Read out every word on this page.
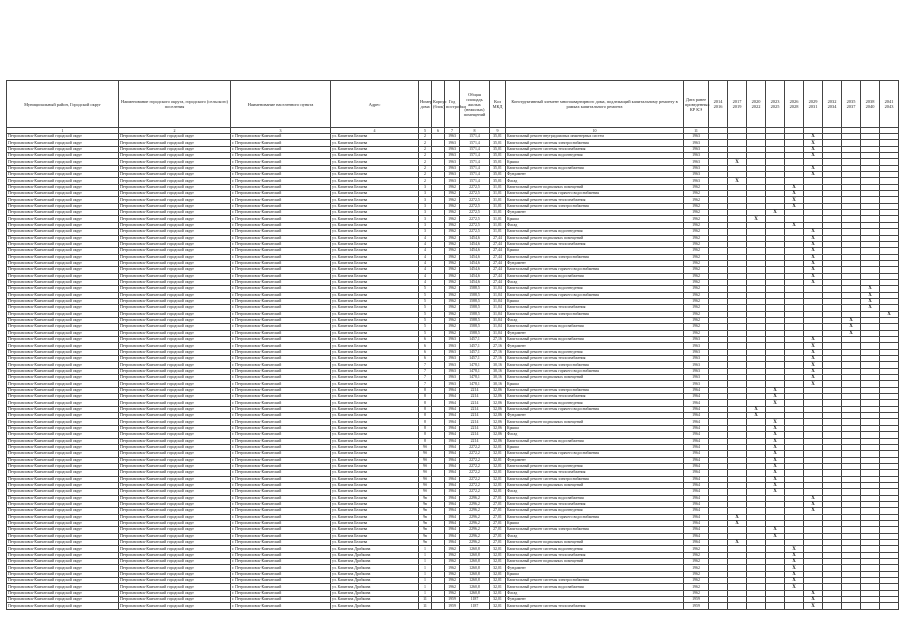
Муниципальный район, Городской округ	Наименование городского округа, городского (сельского) поселения	Наименование населенного пункта	Адрес	Номер дома	Корпус (блок)	Год постройки	Общая площадь жилых (нежилых) помещений	Кол МКД	Конструктивный элемент многоквартирного дома, подлежащий капитальному ремонту в рамках капитального ремонта	Дата ранее проведенных КР КЭ	2014 2016	2017 2019	2020 2022	2023 2025	2026 2028	2029 2031	2032 2034	2035 2037	2038 2040	2041 2043
1	2	3	4	5	6	7	8	9	10	11										
Петропавловск-Камчатский городской округ	Петропавловск-Камчатский городской округ	г. Петропавловск-Камчатский	ул. Капитана Беляева	2		1963	1571,4	35,01	Капитальный ремонт внутридомовых инженерных систем	1963						X				
Петропавловск-Камчатский городской округ	Петропавловск-Камчатский городской округ	г. Петропавловск-Камчатский	ул. Капитана Беляева	2		1963	1571,4	35,01	Капитальный ремонт системы электроснабжения	1963						X				
Петропавловск-Камчатский городской округ	Петропавловск-Камчатский городской округ	г. Петропавловск-Камчатский	ул. Капитана Беляева	2		1963	1571,4	35,01	Капитальный ремонт системы теплоснабжения	1963						X				
Петропавловск-Камчатский городской округ	Петропавловск-Камчатский городской округ	г. Петропавловск-Камчатский	ул. Капитана Беляева	2		1963	1571,4	35,01	Капитальный ремонт системы водоотведения	1963						X				
Петропавловск-Камчатский городской округ	Петропавловск-Камчатский городской округ	г. Петропавловск-Камчатский	ул. Капитана Беляева	2		1963	1571,4	35,01	Крыша	1963		X								
Петропавловск-Камчатский городской округ	Петропавловск-Камчатский городской округ	г. Петропавловск-Камчатский	ул. Капитана Беляева	2		1963	1571,4	35,01	Капитальный ремонт системы водоснабжения	1963						X				
Петропавловск-Камчатский городской округ	Петропавловск-Камчатский городской округ	г. Петропавловск-Камчатский	ул. Капитана Беляева	2		1963	1571,4	35,01	Фундамент	1963						X				
Петропавловск-Камчатский городской округ	Петропавловск-Камчатский городской округ	г. Петропавловск-Камчатский	ул. Капитана Беляева	2		1963	1571,4	35,01	Фасад	1963		X								
Петропавловск-Камчатский городской округ	Петропавловск-Камчатский городской округ	г. Петропавловск-Камчатский	ул. Капитана Беляева	3		1962	2272,5	31,01	Капитальный ремонт подвальных помещений	1962					X					
Петропавловск-Камчатский городской округ	Петропавловск-Камчатский городской округ	г. Петропавловск-Камчатский	ул. Капитана Беляева	3		1962	2272,5	31,01	Капитальный ремонт системы горячего водоснабжения	1962					X					
Петропавловск-Камчатский городской округ	Петропавловск-Камчатский городской округ	г. Петропавловск-Камчатский	ул. Капитана Беляева	3		1962	2272,5	31,01	Капитальный ремонт системы теплоснабжения	1962					X					
Петропавловск-Камчатский городской округ	Петропавловск-Камчатский городской округ	г. Петропавловск-Камчатский	ул. Капитана Беляева	3		1962	2272,5	31,01	Капитальный ремонт системы электроснабжения	1962					X					
Петропавловск-Камчатский городской округ	Петропавловск-Камчатский городской округ	г. Петропавловск-Камчатский	ул. Капитана Беляева	3		1962	2272,5	31,01	Фундамент	1962				X						
Петропавловск-Камчатский городской округ	Петропавловск-Камчатский городской округ	г. Петропавловск-Камчатский	ул. Капитана Беляева	3		1962	2272,5	31,01	Крыша	1962			X							
Петропавловск-Камчатский городской округ	Петропавловск-Камчатский городской округ	г. Петропавловск-Камчатский	ул. Капитана Беляева	3		1962	2272,5	31,01	Фасад	1962					X					
Петропавловск-Камчатский городской округ	Петропавловск-Камчатский городской округ	г. Петропавловск-Камчатский	ул. Капитана Беляева	3		1962	2272,5	31,01	Капитальный ремонт системы водоотведения	1962						X				
Петропавловск-Камчатский городской округ	Петропавловск-Камчатский городской округ	г. Петропавловск-Камчатский	ул. Капитана Беляева	4		1962	1454,6	27,44	Капитальный ремонт подвальных помещений	1962						X				
Петропавловск-Камчатский городской округ	Петропавловск-Камчатский городской округ	г. Петропавловск-Камчатский	ул. Капитана Беляева	4		1962	1454,6	27,44	Капитальный ремонт системы теплоснабжения	1962						X				
Петропавловск-Камчатский городской округ	Петропавловск-Камчатский городской округ	г. Петропавловск-Камчатский	ул. Капитана Беляева	4		1962	1454,6	27,44	Крыша	1962						X				
Петропавловск-Камчатский городской округ	Петропавловск-Камчатский городской округ	г. Петропавловск-Камчатский	ул. Капитана Беляева	4		1962	1454,6	27,44	Капитальный ремонт системы электроснабжения	1962						X				
Петропавловск-Камчатский городской округ	Петропавловск-Камчатский городской округ	г. Петропавловск-Камчатский	ул. Капитана Беляева	4		1962	1454,6	27,44	Фундамент	1962						X				
Петропавловск-Камчатский городской округ	Петропавловск-Камчатский городской округ	г. Петропавловск-Камчатский	ул. Капитана Беляева	4		1962	1454,6	27,44	Капитальный ремонт системы горячего водоснабжения	1962						X				
Петропавловск-Камчатский городской округ	Петропавловск-Камчатский городской округ	г. Петропавловск-Камчатский	ул. Капитана Беляева	4		1962	1454,6	27,44	Капитальный ремонт системы водоснабжения	1962						X				
Петропавловск-Камчатский городской округ	Петропавловск-Камчатский городской округ	г. Петропавловск-Камчатский	ул. Капитана Беляева	4		1962	1454,6	27,44	Фасад	1962						X				
Петропавловск-Камчатский городской округ	Петропавловск-Камчатский городской округ	г. Петропавловск-Камчатский	ул. Капитана Беляева	5		1962	1588,5	31,04	Капитальный ремонт системы водоотведения	1962									X	
Петропавловск-Камчатский городской округ	Петропавловск-Камчатский городской округ	г. Петропавловск-Камчатский	ул. Капитана Беляева	5		1962	1588,5	31,04	Капитальный ремонт системы горячего водоснабжения	1962									X	
Петропавловск-Камчатский городской округ	Петропавловск-Камчатский городской округ	г. Петропавловск-Камчатский	ул. Капитана Беляева	5		1962	1588,5	31,04	Крыша	1962									X	
Петропавловск-Камчатский городской округ	Петропавловск-Камчатский городской округ	г. Петропавловск-Камчатский	ул. Капитана Беляева	5		1962	1588,5	31,04	Капитальный ремонт системы теплоснабжения	1962									X	
Петропавловск-Камчатский городской округ	Петропавловск-Камчатский городской округ	г. Петропавловск-Камчатский	ул. Капитана Беляева	5		1962	1588,5	31,04	Капитальный ремонт системы электроснабжения	1962										X
Петропавловск-Камчатский городской округ	Петропавловск-Камчатский городской округ	г. Петропавловск-Камчатский	ул. Капитана Беляева	5		1962	1588,5	31,04	Фасад	1962								X		
Петропавловск-Камчатский городской округ	Петропавловск-Камчатский городской округ	г. Петропавловск-Камчатский	ул. Капитана Беляева	5		1962	1588,5	31,04	Капитальный ремонт системы водоснабжения	1962								X		
Петропавловск-Камчатский городской округ	Петропавловск-Камчатский городской округ	г. Петропавловск-Камчатский	ул. Капитана Беляева	5		1962	1588,5	31,04	Фундамент	1962								X		
Петропавловск-Камчатский городской округ	Петропавловск-Камчатский городской округ	г. Петропавловск-Камчатский	ул. Капитана Беляева	6		1963	1457,1	27,16	Капитальный ремонт системы водоснабжения	1963						X				
Петропавловск-Камчатский городской округ	Петропавловск-Камчатский городской округ	г. Петропавловск-Камчатский	ул. Капитана Беляева	6		1963	1457,1	27,16	Фундамент	1963						X				
Петропавловск-Камчатский городской округ	Петропавловск-Камчатский городской округ	г. Петропавловск-Камчатский	ул. Капитана Беляева	6		1963	1457,1	27,16	Капитальный ремонт системы водоотведения	1963						X				
Петропавловск-Камчатский городской округ	Петропавловск-Камчатский городской округ	г. Петропавловск-Камчатский	ул. Капитана Беляева	6		1963	1457,1	27,16	Капитальный ремонт системы теплоснабжения	1963						X				
Петропавловск-Камчатский городской округ	Петропавловск-Камчатский городской округ	г. Петропавловск-Камчатский	ул. Капитана Беляева	7		1963	1478,1	30,16	Капитальный ремонт системы электроснабжения	1963						X				
Петропавловск-Камчатский городской округ	Петропавловск-Камчатский городской округ	г. Петропавловск-Камчатский	ул. Капитана Беляева	7		1963	1478,1	30,16	Капитальный ремонт системы горячего водоснабжения	1963						X				
Петропавловск-Камчатский городской округ	Петропавловск-Камчатский городской округ	г. Петропавловск-Камчатский	ул. Капитана Беляева	7		1963	1478,1	30,16	Капитальный ремонт подвальных помещений	1963						X				
Петропавловск-Камчатский городской округ	Петропавловск-Камчатский городской округ	г. Петропавловск-Камчатский	ул. Капитана Беляева	7		1963	1478,1	30,16	Крыша	1963						X				
Петропавловск-Камчатский городской округ	Петропавловск-Камчатский городской округ	г. Петропавловск-Камчатский	ул. Капитана Беляева	8		1964	2214	32,06	Капитальный ремонт системы электроснабжения	1964				X						
Петропавловск-Камчатский городской округ	Петропавловск-Камчатский городской округ	г. Петропавловск-Камчатский	ул. Капитана Беляева	8		1964	2214	32,06	Капитальный ремонт системы теплоснабжения	1964				X						
Петропавловск-Камчатский городской округ	Петропавловск-Камчатский городской округ	г. Петропавловск-Камчатский	ул. Капитана Беляева	8		1964	2214	32,06	Капитальный ремонт системы водоотведения	1964				X						
Петропавловск-Камчатский городской округ	Петропавловск-Камчатский городской округ	г. Петропавловск-Камчатский	ул. Капитана Беляева	8		1964	2214	32,06	Капитальный ремонт системы горячего водоснабжения	1964			X							
Петропавловск-Камчатский городской округ	Петропавловск-Камчатский городской округ	г. Петропавловск-Камчатский	ул. Капитана Беляева	8		1964	2214	32,06	Фундамент	1964			X							
Петропавловск-Камчатский городской округ	Петропавловск-Камчатский городской округ	г. Петропавловск-Камчатский	ул. Капитана Беляева	8		1964	2214	32,06	Капитальный ремонт подвальных помещений	1964				X						
Петропавловск-Камчатский городской округ	Петропавловск-Камчатский городской округ	г. Петропавловск-Камчатский	ул. Капитана Беляева	8		1964	2214	32,06	Крыша	1964				X						
Петропавловск-Камчатский городской округ	Петропавловск-Камчатский городской округ	г. Петропавловск-Камчатский	ул. Капитана Беляева	8		1964	2214	32,06	Фасад	1964				X						
Петропавловск-Камчатский городской округ	Петропавловск-Камчатский городской округ	г. Петропавловск-Камчатский	ул. Капитана Беляева	8		1964	2214	32,06	Капитальный ремонт системы водоснабжения	1964				X						
Петропавловск-Камчатский городской округ	Петропавловск-Камчатский городской округ	г. Петропавловск-Камчатский	ул. Капитана Беляева	9б		1964	2272,2	32,01	Крыша	1964				X						
Петропавловск-Камчатский городской округ	Петропавловск-Камчатский городской округ	г. Петропавловск-Камчатский	ул. Капитана Беляева	9б		1964	2272,2	32,01	Капитальный ремонт системы горячего водоснабжения	1964				X						
Петропавловск-Камчатский городской округ	Петропавловск-Камчатский городской округ	г. Петропавловск-Камчатский	ул. Капитана Беляева	9б		1964	2272,2	32,01	Фундамент	1964				X						
Петропавловск-Камчатский городской округ	Петропавловск-Камчатский городской округ	г. Петропавловск-Камчатский	ул. Капитана Беляева	9б		1964	2272,2	32,01	Капитальный ремонт системы водоотведения	1964				X						
Петропавловск-Камчатский городской округ	Петропавловск-Камчатский городской округ	г. Петропавловск-Камчатский	ул. Капитана Беляева	9б		1964	2272,2	32,01	Капитальный ремонт системы теплоснабжения	1964				X						
Петропавловск-Камчатский городской округ	Петропавловск-Камчатский городской округ	г. Петропавловск-Камчатский	ул. Капитана Беляева	9б		1964	2272,2	32,01	Капитальный ремонт системы электроснабжения	1964				X						
Петропавловск-Камчатский городской округ	Петропавловск-Камчатский городской округ	г. Петропавловск-Камчатский	ул. Капитана Беляева	9б		1964	2272,2	32,01	Капитальный ремонт подвальных помещений	1964				X						
Петропавловск-Камчатский городской округ	Петропавловск-Камчатский городской округ	г. Петропавловск-Камчатский	ул. Капитана Беляева	9б		1964	2272,2	32,01	Фасад	1964				X						
Петропавловск-Камчатский городской округ	Петропавловск-Камчатский городской округ	г. Петропавловск-Камчатский	ул. Капитана Беляева	9в		1964	2296,2	27,01	Капитальный ремонт системы водоснабжения	1964						X				
Петропавловск-Камчатский городской округ	Петропавловск-Камчатский городской округ	г. Петропавловск-Камчатский	ул. Капитана Беляева	9в		1964	2296,2	27,01	Капитальный ремонт системы теплоснабжения	1964						X				
Петропавловск-Камчатский городской округ	Петропавловск-Камчатский городской округ	г. Петропавловск-Камчатский	ул. Капитана Беляева	9в		1964	2296,2	27,01	Капитальный ремонт системы водоотведения	1964						X				
Петропавловск-Камчатский городской округ	Петропавловск-Камчатский городской округ	г. Петропавловск-Камчатский	ул. Капитана Беляева	9в		1964	2296,2	27,01	Капитальный ремонт системы горячего водоснабжения	1964		X								
Петропавловск-Камчатский городской округ	Петропавловск-Камчатский городской округ	г. Петропавловск-Камчатский	ул. Капитана Беляева	9в		1964	2296,2	27,01	Крыша	1964		X								
Петропавловск-Камчатский городской округ	Петропавловск-Камчатский городской округ	г. Петропавловск-Камчатский	ул. Капитана Беляева	9в		1964	2296,2	27,01	Капитальный ремонт системы электроснабжения	1964				X						
Петропавловск-Камчатский городской округ	Петропавловск-Камчатский городской округ	г. Петропавловск-Камчатский	ул. Капитана Беляева	9в		1964	2296,2	27,01	Фасад	1964				X						
Петропавловск-Камчатский городской округ	Петропавловск-Камчатский городской округ	г. Петропавловск-Камчатский	ул. Капитана Беляева	9в		1964	2296,2	27,01	Капитальный ремонт подвальных помещений	1964		X								
Петропавловск-Камчатский городской округ	Петропавловск-Камчатский городской округ	г. Петропавловск-Камчатский	ул. Капитана Драбкина	1		1962	1260,8	32,01	Капитальный ремонт системы водоотведения	1962					X					
Петропавловск-Камчатский городской округ	Петропавловск-Камчатский городской округ	г. Петропавловск-Камчатский	ул. Капитана Драбкина	1		1962	1260,8	32,01	Капитальный ремонт системы теплоснабжения	1962					X					
Петропавловск-Камчатский городской округ	Петропавловск-Камчатский городской округ	г. Петропавловск-Камчатский	ул. Капитана Драбкина	1		1962	1260,8	32,01	Капитальный ремонт подвальных помещений	1962					X					
Петропавловск-Камчатский городской округ	Петропавловск-Камчатский городской округ	г. Петропавловск-Камчатский	ул. Капитана Драбкина	1		1962	1260,8	32,01	Фундамент	1962					X					
Петропавловск-Камчатский городской округ	Петропавловск-Камчатский городской округ	г. Петропавловск-Камчатский	ул. Капитана Драбкина	1		1962	1260,8	32,01	Крыша	1962					X					
Петропавловск-Камчатский городской округ	Петропавловск-Камчатский городской округ	г. Петропавловск-Камчатский	ул. Капитана Драбкина	1		1962	1260,8	32,01	Капитальный ремонт системы электроснабжения	1962					X					
Петропавловск-Камчатский городской округ	Петропавловск-Камчатский городской округ	г. Петропавловск-Камчатский	ул. Капитана Драбкина	1		1962	1260,8	32,01	Капитальный ремонт системы водоснабжения	1962					X					
Петропавловск-Камчатский городской округ	Петропавловск-Камчатский городской округ	г. Петропавловск-Камчатский	ул. Капитана Драбкина	1		1962	1260,8	32,01	Фасад	1962						X				
Петропавловск-Камчатский городской округ	Петропавловск-Камчатский городской округ	г. Петропавловск-Камчатский	ул. Капитана Драбкина	11		1959	1187	32,01	Фундамент	1959						X				
Петропавловск-Камчатский городской округ	Петропавловск-Камчатский городской округ	г. Петропавловск-Камчатский	ул. Капитана Драбкина	11		1959	1187	32,01	Капитальный ремонт системы теплоснабжения	1959						X				
